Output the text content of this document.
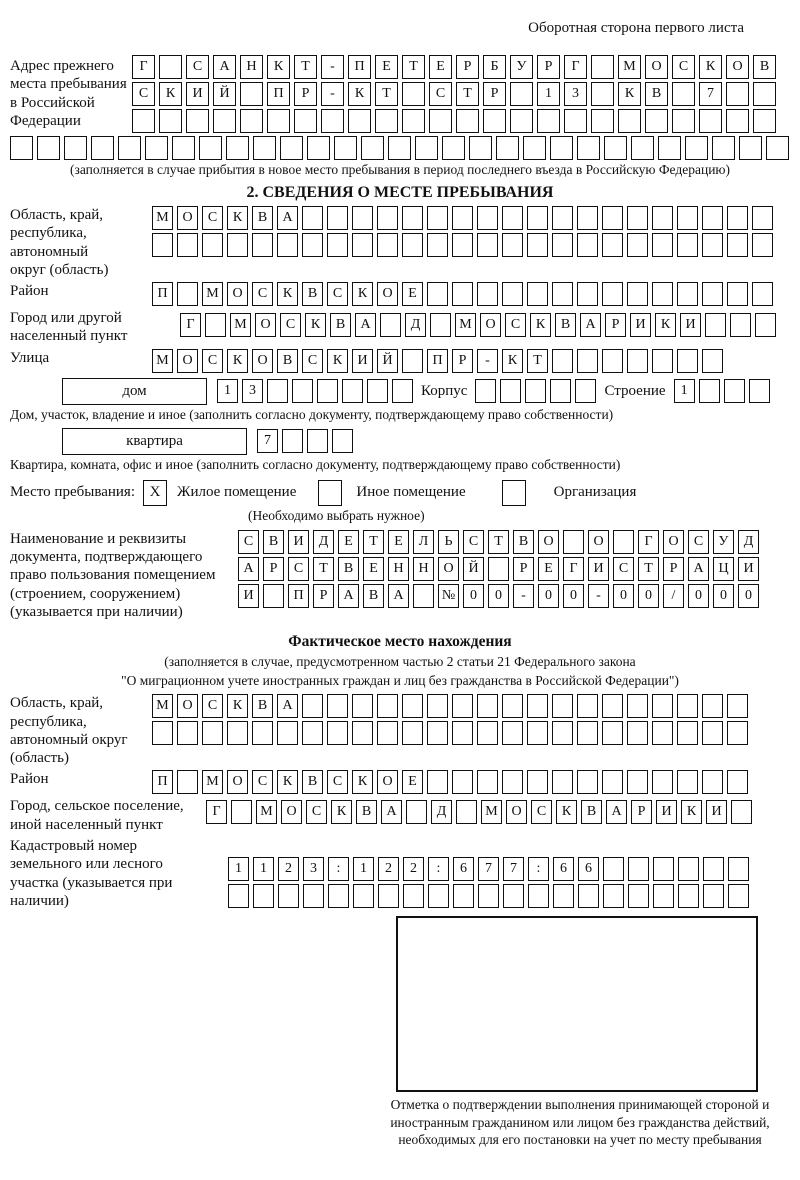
Оборотная сторона первого листа
Адрес прежнего места пребывания в Российской Федерации
Г	С	А	Н	К	Т	-	П	Е	Т	Е	Р	Б	У	Р	Г	М	О	С	К	О	В
С	К	И	Й	П	Р	-	К	Т	С	Т	Р	1	3	К	В	7
(заполняется в случае прибытия в новое место пребывания в период последнего въезда в Российскую Федерацию)
2. СВЕДЕНИЯ О МЕСТЕ ПРЕБЫВАНИЯ
Область, край, республика, автономный округ (область)
М О	С	К	В	А
Район	П	М О	С	К	В	С	К	О	Е
Город или другой населенный пункт
Г	М О	С	К	В	А	Д	М О	С	К	В	А	Р	И	К	И
Улица	М О	С	К	О	В	С	К	И	Й	П	Р	-	К	Т
дом	1	3	Корпус	Строение	1
Дом, участок, владение и иное (заполнить согласно документу, подтверждающему право собственности)
квартира	7
Квартира, комната, офис и иное (заполнить согласно документу, подтверждающему право собственности)
Место пребывания: X	Жилое помещение	Иное помещение	Организация
(Необходимо выбрать нужное)
Наименование и реквизиты документа, подтверждающего право пользования помещением (строением, сооружением) (указывается при наличии)
С	В	И	Д	Е	Т	Е	Л	Ь	С	Т	В	О	О	Г	О	С	У	Д
А	Р	С	Т	В	Е	Н	Н	О	Й	Р	Е	Г	И	С	Т	Р	А	Ц	И
И	П	Р	А	В	А	№	0	0	-	0	0	-	0	0	/	0	0	0
Фактическое место нахождения
(заполняется в случае, предусмотренном частью 2 статьи 21 Федерального закона
"О миграционном учете иностранных граждан и лиц без гражданства в Российской Федерации")
Область, край, республика, автономный округ (область)
М О	С	К	В	А
Район	П	М О	С	К	В	С	К	О	Е
Город, сельское поселение, иной населенный пункт
Г	М О	С	К	В	А	Д	М О	С	К	В	А	Р	И	К	И
Кадастровый номер земельного или лесного участка (указывается при наличии)
1	1	2	3	:	1	2	2	:	6	7	7	:	6	6
Отметка о подтверждении выполнения принимающей стороной и иностранным гражданином или лицом без гражданства действий, необходимых для его постановки на учет по месту пребывания
